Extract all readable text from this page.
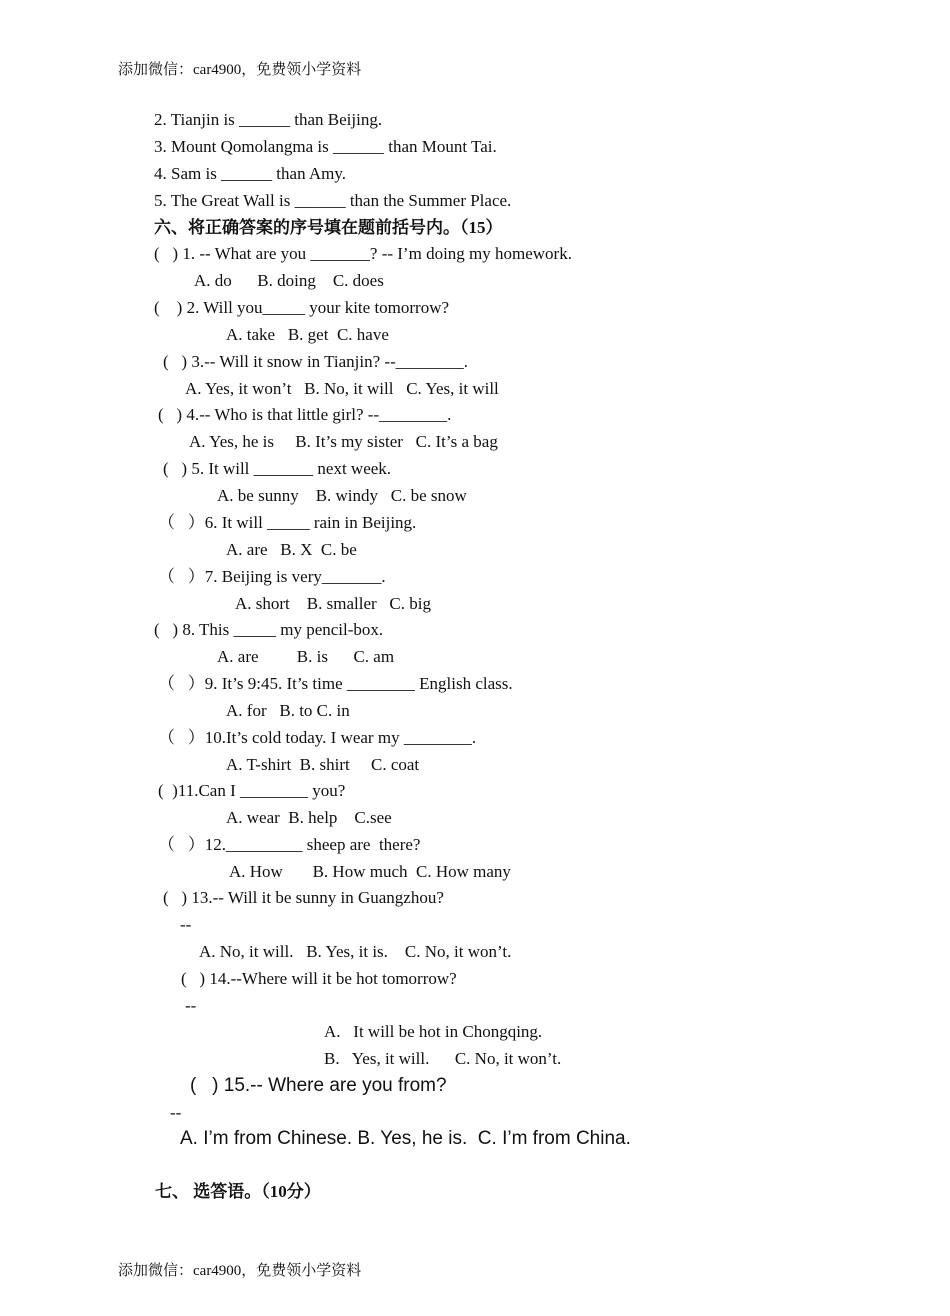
添加微信：car4900，免费领小学资料
2. Tianjin is ______ than Beijing.
3. Mount Qomolangma is ______ than Mount Tai.
4. Sam is ______ than Amy.
5. The Great Wall is ______ than the Summer Place.
六、将正确答案的序号填在题前括号内。（15）
(   ) 1. -- What are you _______? -- I’m doing my homework.
A. do      B. doing    C. does
(    ) 2. Will you_____ your kite tomorrow?
A. take   B. get  C. have
(   ) 3.-- Will it snow in Tianjin? --________.
A. Yes, it won’t   B. No, it will   C. Yes, it will
(   ) 4.-- Who is that little girl? --________.
A. Yes, he is     B. It’s my sister   C. It’s a bag
(   ) 5. It will _______ next week.
A. be sunny    B. windy   C. be snow
（   ）6. It will _____ rain in Beijing.
A. are   B. X  C. be
（   ）7. Beijing is very_______.
A. short    B. smaller   C. big
(   ) 8. This _____ my pencil-box.
A. are         B. is      C. am
（   ）9. It’s 9:45. It’s time ________ English class.
A. for   B. to C. in
（   ）10.It’s cold today. I wear my ________.
A. T-shirt  B. shirt     C. coat
(  )11.Can I ________ you?
A. wear  B. help    C.see
（   ）12._________ sheep are  there?
A. How       B. How much  C. How many
(   ) 13.-- Will it be sunny in Guangzhou?
--
A. No, it will.   B. Yes, it is.    C. No, it won’t.
(   ) 14.--Where will it be hot tomorrow?
--
A.   It will be hot in Chongqing.
B.   Yes, it will.      C. No, it won’t.
(   ) 15.-- Where are you from?
--
A. I’m from Chinese. B. Yes, he is.  C. I’m from China.
七、 选答语。（10分）
添加微信：car4900，免费领小学资料
